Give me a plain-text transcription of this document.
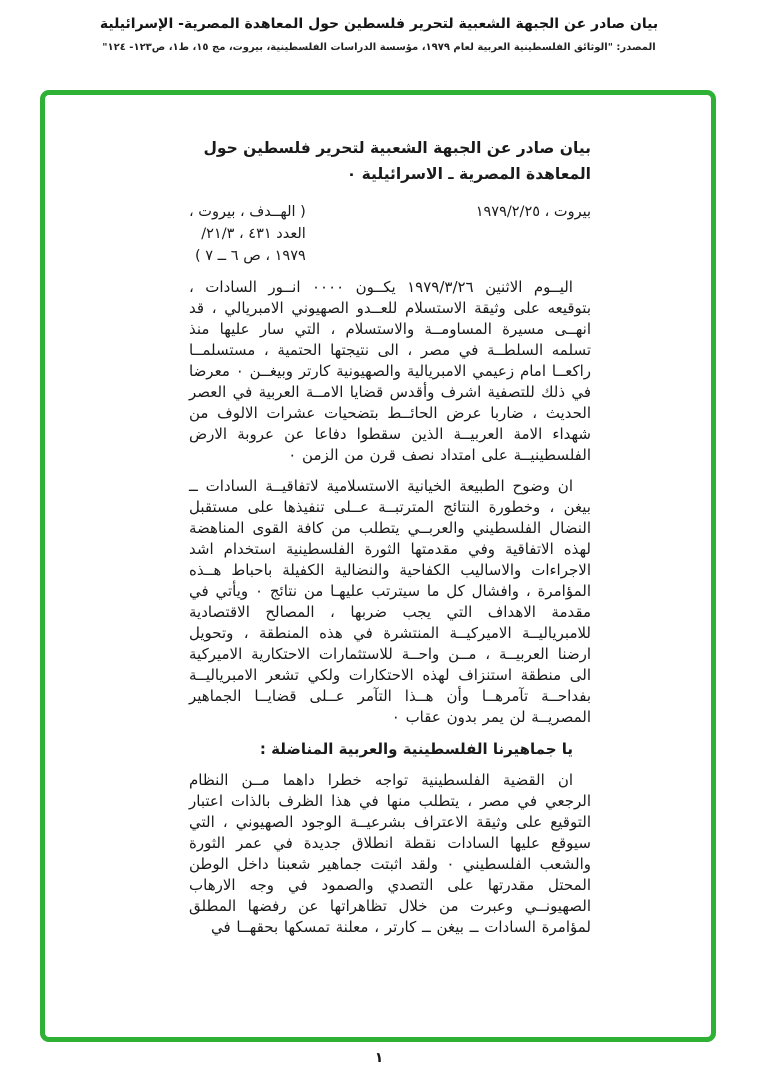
بيان صادر عن الجبهة الشعبية لتحرير فلسطين حول المعاهدة المصرية- الإسرائيلية
المصدر: "الوثائق الفلسطينية العربية لعام ١٩٧٩، مؤسسة الدراسات الفلسطينية، بيروت، مج ١٥، ط١، ص١٢٣- ١٢٤"
بيان صادر عن الجبهة الشعبية لتحرير فلسطين حول
المعاهدة المصرية ـ الاسرائيلية ٠
بيروت ، ١٩٧٩/٢/٢٥
( الهــدف ، بيروت ،
العدد ٤٣١ ، ٢١/٣/
١٩٧٩ ، ص ٦ ــ ٧ )

اليــوم الاثنين ١٩٧٩/٣/٢٦ يكــون ٠٠٠٠ انــور السادات ، بتوقيعه على وثيقة الاستسلام للعــدو الصهيوني الامبريالي ، قد انهــى مسيرة المساومــة والاستسلام ، التي سار عليها منذ تسلمه السلطــة في مصر ، الى نتيجتها الحتمية ، مستسلمــا راكعــا امام زعيمي الامبريالية والصهيونية كارتر وبيغــن ٠ معرضا في ذلك للتصفية اشرف وأقدس قضايا الامــة العربية في العصر الحديث ، ضاربا عرض الحائــط بتضحيات عشرات الالوف من شهداء الامة العربيــة الذين سقطوا دفاعا عن عروبة الارض الفلسطينيــة على امتداد نصف قرن من الزمن ٠

ان وضوح الطبيعة الخيانية الاستسلامية لاتفاقيــة السادات ــ بيغن ، وخطورة النتائج المترتبــة عــلى تنفيذها على مستقبل النضال الفلسطيني والعربــي يتطلب من كافة القوى المناهضة لهذه الاتفاقية وفي مقدمتها الثورة الفلسطينية استخدام اشد الاجراءات والاساليب الكفاحية والنضالية الكفيلة باحباط هــذه المؤامرة ، وافشال كل ما سيترتب عليهـا من نتائج ٠ ويأتي في مقدمة الاهداف التي يجب ضربها ، المصالح الاقتصادية للامبرياليــة الاميركيــة المنتشرة في هذه المنطقة ، وتحويل ارضنا العربيــة ، مــن واحــة للاستثمارات الاحتكارية الاميركية الى منطقة استنزاف لهذه الاحتكارات ولكي تشعر الامبرياليــة بفداحــة تآمرهــا وأن هــذا التآمر عــلى قضايــا الجماهير المصريــة لن يمر بدون عقاب ٠

يا جماهيرنا الفلسطينية والعربية المناضلة :

ان القضية الفلسطينية تواجه خطرا داهما مــن النظام الرجعي في مصر ، يتطلب منها في هذا الظرف بالذات اعتبار التوقيع على وثيقة الاعتراف بشرعيــة الوجود الصهيوني ، التي سيوقع عليها السادات نقطة انطلاق جديدة في عمر الثورة والشعب الفلسطيني ٠ ولقد اثبتت جماهير شعبنا داخل الوطن المحتل مقدرتها على التصدي والصمود في وجه الارهاب الصهيونــي وعبرت من خلال تظاهراتها عن رفضها المطلق لمؤامرة السادات ــ بيغن ــ كارتر ، معلنة تمسكها بحقهــا في

١
